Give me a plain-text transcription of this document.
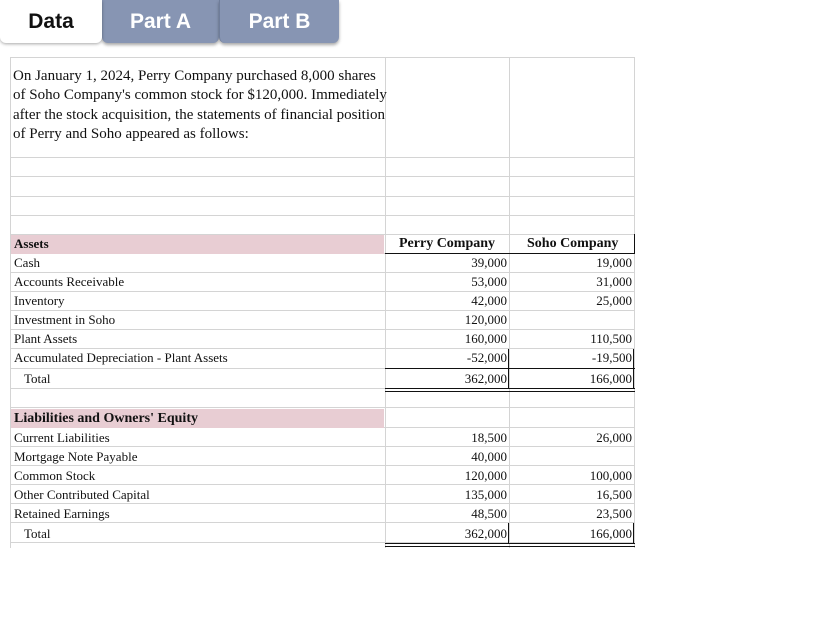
Data	Part A	Part B
On January 1, 2024, Perry Company purchased 8,000 shares of Soho Company's common stock for $120,000. Immediately after the stock acquisition, the statements of financial position of Perry and Soho appeared as follows:
Assets	Perry Company Soho Company
Cash	39,000	19,000
Accounts Receivable	53,000	31,000
Inventory	42,000	25,000
Investment in Soho	120,000
Plant Assets	160,000	110,500
Accumulated Depreciation - Plant Assets	-52,000	-19,500
Total	362,000	166,000
Liabilities and Owners' Equity
Current Liabilities	18,500	26,000
Mortgage Note Payable	40,000
Common Stock	120,000	100,000
Other Contributed Capital	135,000	16,500
Retained Earnings	48,500	23,500
Total	362,000	166,000
